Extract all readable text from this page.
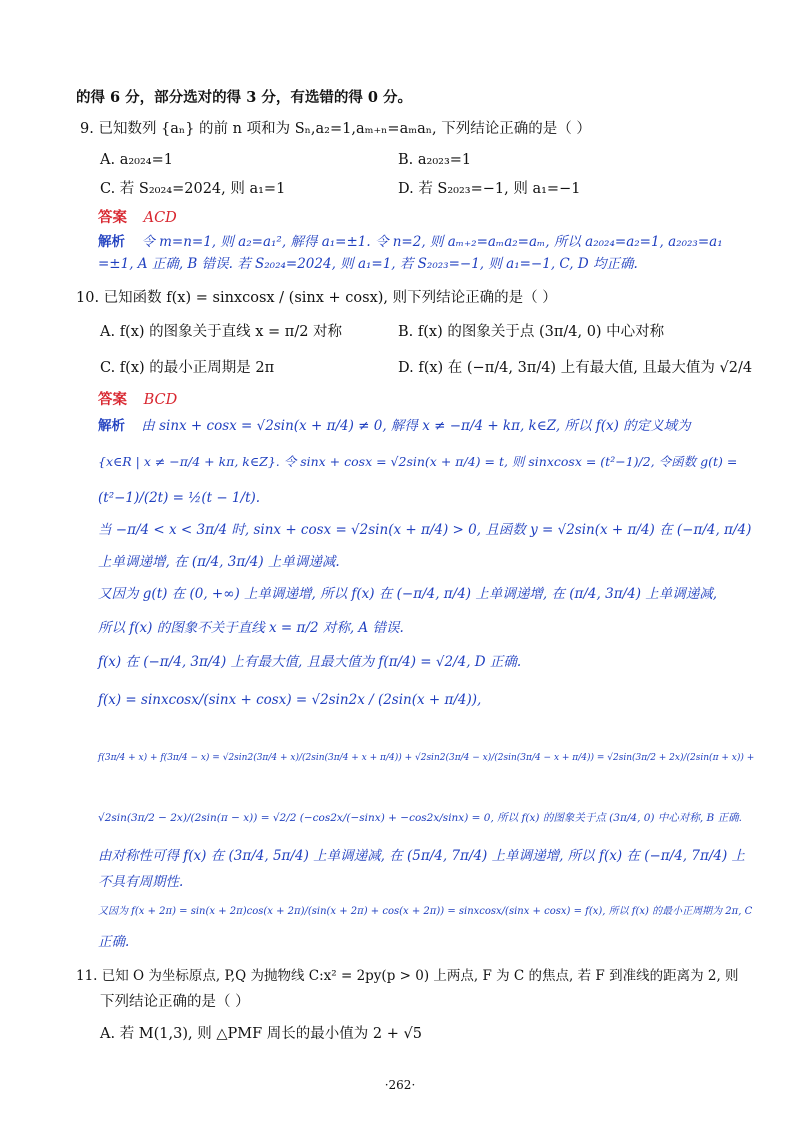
的得 6 分，部分选对的得 3 分，有选错的得 0 分。
9. 已知数列 {aₙ} 的前 n 项和为 Sₙ,a₂=1,aₘ₊ₙ=aₘaₙ, 下列结论正确的是（ ）
A. a₂₀₂₄=1	B. a₂₀₂₃=1
C. 若 S₂₀₂₄=2024, 则 a₁=1	D. 若 S₂₀₂₃=−1, 则 a₁=−1
答案 ACD
解析 令 m=n=1, 则 a₂=a₁², 解得 a₁=±1. 令 n=2, 则 aₘ₊₂=aₘa₂=aₘ, 所以 a₂₀₂₄=a₂=1, a₂₀₂₃=a₁
=±1, A 正确, B 错误. 若 S₂₀₂₄=2024, 则 a₁=1, 若 S₂₀₂₃=−1, 则 a₁=−1, C, D 均正确.
10. 已知函数 f(x) = sinxcosx / (sinx + cosx), 则下列结论正确的是（ ）
A. f(x) 的图象关于直线 x = π/2 对称	B. f(x) 的图象关于点 (3π/4, 0) 中心对称
C. f(x) 的最小正周期是 2π	D. f(x) 在 (−π/4, 3π/4) 上有最大值, 且最大值为 √2/4
答案 BCD
解析 由 sinx + cosx = √2sin(x + π/4) ≠ 0, 解得 x ≠ −π/4 + kπ, k∈Z, 所以 f(x) 的定义域为
{x∈R | x ≠ −π/4 + kπ, k∈Z}. 令 sinx + cosx = √2sin(x + π/4) = t, 则 sinxcosx = (t²−1)/2, 令函数 g(t) =
(t²−1)/(2t) = ½(t − 1/t).
当 −π/4 < x < 3π/4 时, sinx + cosx = √2sin(x + π/4) > 0, 且函数 y = √2sin(x + π/4) 在 (−π/4, π/4)
上单调递增, 在 (π/4, 3π/4) 上单调递减.
又因为 g(t) 在 (0, +∞) 上单调递增, 所以 f(x) 在 (−π/4, π/4) 上单调递增, 在 (π/4, 3π/4) 上单调递减,
所以 f(x) 的图象不关于直线 x = π/2 对称, A 错误.
f(x) 在 (−π/4, 3π/4) 上有最大值, 且最大值为 f(π/4) = √2/4, D 正确.
f(x) = sinxcosx/(sinx + cosx) = √2sin2x / (2sin(x + π/4)),
f(3π/4 + x) + f(3π/4 − x) = √2sin2(3π/4 + x)/(2sin(3π/4 + x + π/4)) + √2sin2(3π/4 − x)/(2sin(3π/4 − x + π/4)) = √2sin(3π/2 + 2x)/(2sin(π + x)) +
√2sin(3π/2 − 2x)/(2sin(π − x)) = √2/2 (−cos2x/(−sinx) + −cos2x/sinx) = 0, 所以 f(x) 的图象关于点 (3π/4, 0) 中心对称, B 正确.
由对称性可得 f(x) 在 (3π/4, 5π/4) 上单调递减, 在 (5π/4, 7π/4) 上单调递增, 所以 f(x) 在 (−π/4, 7π/4) 上
不具有周期性.
又因为 f(x + 2π) = sin(x + 2π)cos(x + 2π)/(sin(x + 2π) + cos(x + 2π)) = sinxcosx/(sinx + cosx) = f(x), 所以 f(x) 的最小正周期为 2π, C
正确.
11. 已知 O 为坐标原点, P,Q 为抛物线 C:x² = 2py(p > 0) 上两点, F 为 C 的焦点, 若 F 到准线的距离为 2, 则
下列结论正确的是（ ）
A. 若 M(1,3), 则 △PMF 周长的最小值为 2 + √5
·262·
